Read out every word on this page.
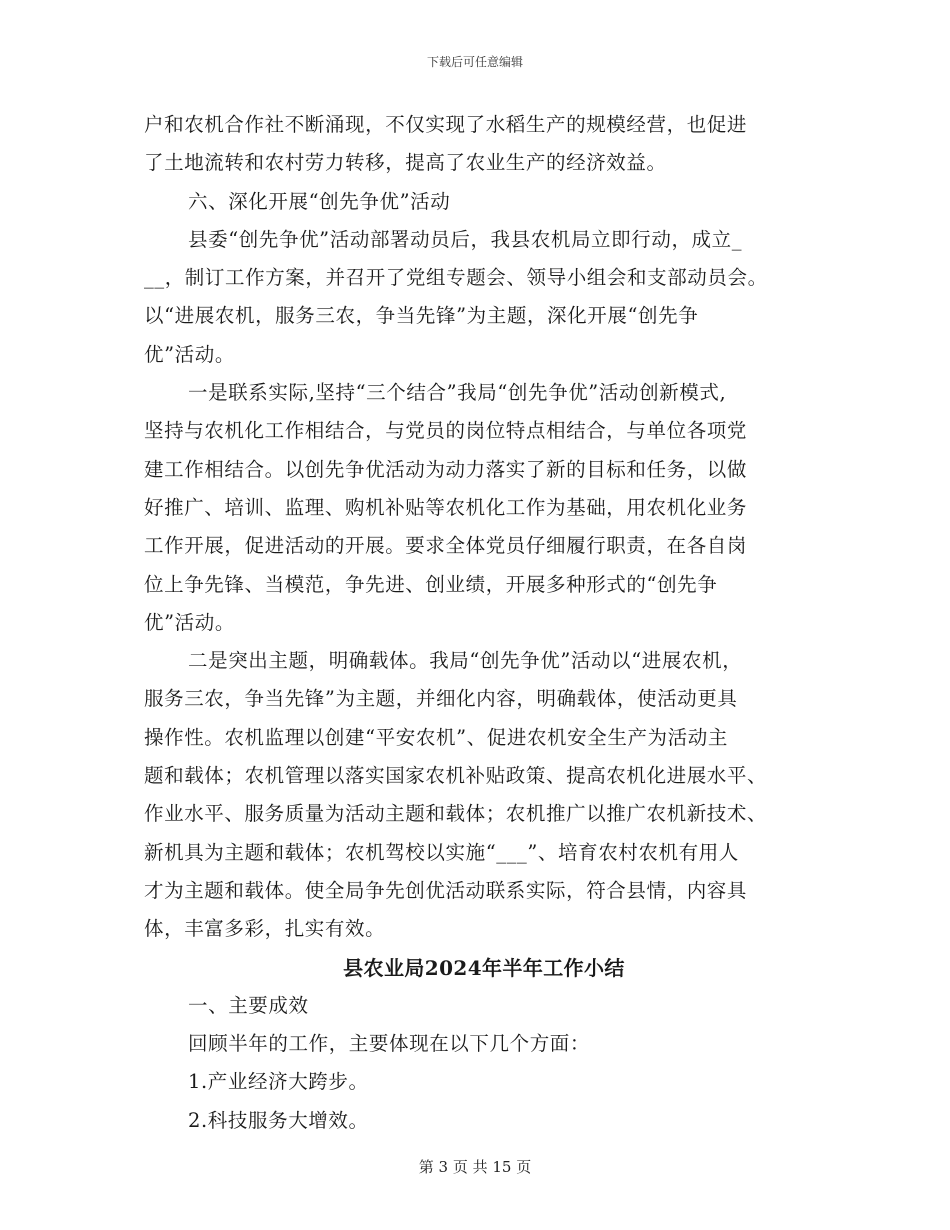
下载后可任意编辑
户和农机合作社不断涌现，不仅实现了水稻生产的规模经营，也促进
了土地流转和农村劳力转移，提高了农业生产的经济效益。
六、深化开展“创先争优”活动
县委“创先争优”活动部署动员后，我县农机局立即行动，成立_
__，制订工作方案，并召开了党组专题会、领导小组会和支部动员会。
以“进展农机，服务三农，争当先锋”为主题，深化开展“创先争
优”活动。
一是联系实际,坚持“三个结合”我局“创先争优”活动创新模式,
坚持与农机化工作相结合，与党员的岗位特点相结合，与单位各项党
建工作相结合。以创先争优活动为动力落实了新的目标和任务，以做
好推广、培训、监理、购机补贴等农机化工作为基础，用农机化业务
工作开展，促进活动的开展。要求全体党员仔细履行职责，在各自岗
位上争先锋、当模范，争先进、创业绩，开展多种形式的“创先争
优”活动。
二是突出主题，明确载体。我局“创先争优”活动以“进展农机，
服务三农，争当先锋”为主题，并细化内容，明确载体，使活动更具
操作性。农机监理以创建“平安农机”、促进农机安全生产为活动主
题和载体；农机管理以落实国家农机补贴政策、提高农机化进展水平、
作业水平、服务质量为活动主题和载体；农机推广以推广农机新技术、
新机具为主题和载体；农机驾校以实施“___”、培育农村农机有用人
才为主题和载体。使全局争先创优活动联系实际，符合县情，内容具
体，丰富多彩，扎实有效。
县农业局2024年半年工作小结
一、主要成效
回顾半年的工作，主要体现在以下几个方面：
1.产业经济大跨步。
2.科技服务大增效。
第 3 页 共 15 页
